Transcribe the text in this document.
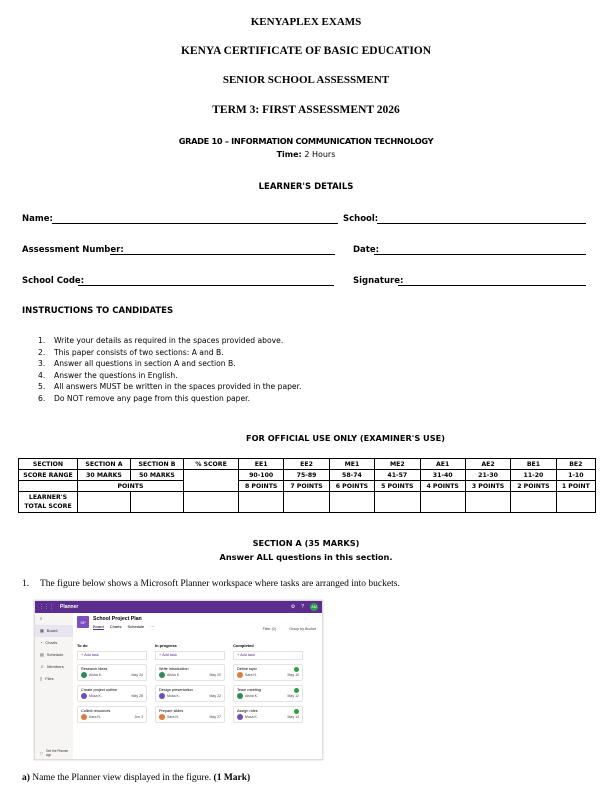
KENYAPLEX EXAMS
KENYA CERTIFICATE OF BASIC EDUCATION
SENIOR SCHOOL ASSESSMENT
TERM 3: FIRST ASSESSMENT 2026
GRADE 10 – INFORMATION COMMUNICATION TECHNOLOGY
Time: 2 Hours
LEARNER'S DETAILS
Name:	School:
Assessment Number:	Date:
School Code:	Signature:
INSTRUCTIONS TO CANDIDATES
1. Write your details as required in the spaces provided above.
2. This paper consists of two sections: A and B.
3. Answer all questions in section A and section B.
4. Answer the questions in English.
5. All answers MUST be written in the spaces provided in the paper.
6. Do NOT remove any page from this question paper.
FOR OFFICIAL USE ONLY (EXAMINER'S USE)
SECTION	SECTION A	SECTION B	% SCORE	EE1	EE2	ME1	ME2	AE1	AE2	BE1	BE2
SCORE RANGE	30 MARKS	50 MARKS		90-100	75-89	58-74	41-57	31-40	21-30	11-20	1-10
	POINTS			8 POINTS	7 POINTS	6 POINTS	5 POINTS	4 POINTS	3 POINTS	2 POINTS	1 POINT
LEARNER'S TOTAL SCORE											
SECTION A (35 MARKS)
Answer ALL questions in this section.
1. The figure below shows a Microsoft Planner workspace where tasks are arranged into buckets.
⋮⋮⋮ Planner	⚙ ?	AM
≡
▦ Board
◔ Charts
▤ Schedule
☺ Members
▯ Files
▢ Get the Planner app
SP	School Project Plan
Board Charts Schedule ···	Filter (0)	Group by Bucket
To do
+ Add task
Research ideas
Aisha K.	May 24
Create project outline
Musa K.	May 28
Collect resources
Sara N.	Jun 3
In progress
+ Add task
Write introduction
Aisha K.	May 20
Design presentation
Musa K.	May 22
Prepare slides
Sara N.	May 27
Completed
+ Add task
Define topic
Sara N.	May 10
Team meeting
Aisha K.	May 12
Assign roles
Musa K.	May 14
a) Name the Planner view displayed in the figure. (1 Mark)
